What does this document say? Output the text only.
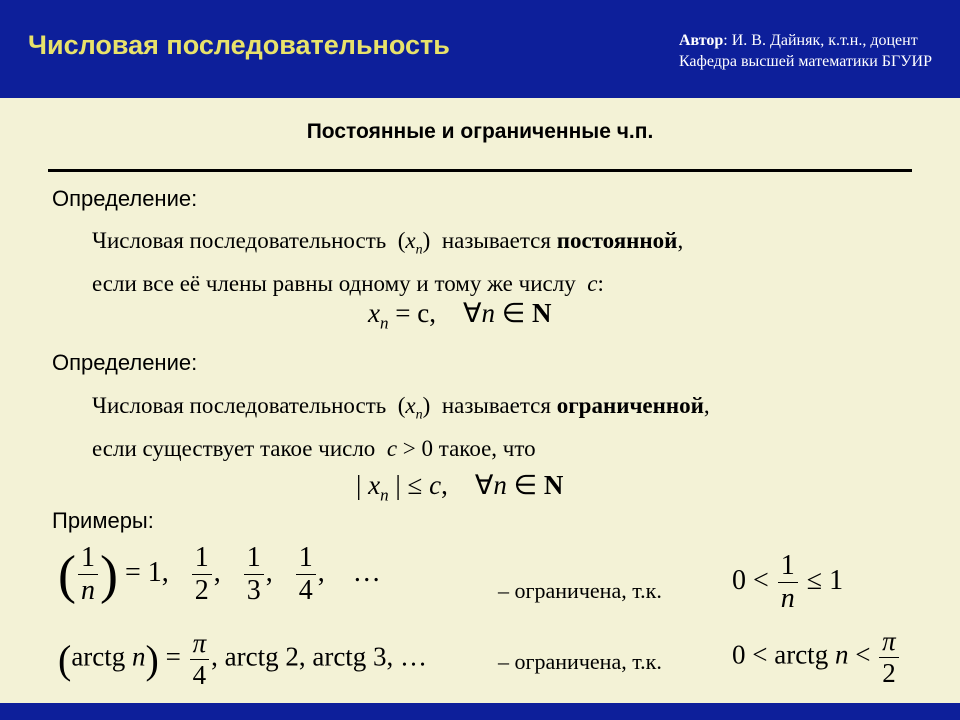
Числовая последовательность	Автор: И. В. Дайняк, к.т.н., доцент
Кафедра высшей математики БГУИР
Постоянные и ограниченные ч.п.
Определение:
Числовая последовательность  $(x_n)$  называется постоянной,
если все её члены равны одному и тому же числу c:
$x_n = c$,    ∀n ∈ N
Определение:
Числовая последовательность  $(x_n)$  называется ограниченной,
если существует такое число c > 0 такое, что
| $x_n$ | ≤ c,    ∀n ∈ N
Примеры:
( $\frac{1}{n}$ ) = 1, $\frac{1}{2}$ , $\frac{1}{3}$ , $\frac{1}{4}$ ,    …
– ограничена, т.к.	$0 < \frac{1}{n} \le 1$
(arctg $n) = \frac{\pi}{4}$ , arctg 2, arctg 3, …	– ограничена, т.к.	0 < arctg $n < \frac{\pi}{2}$
